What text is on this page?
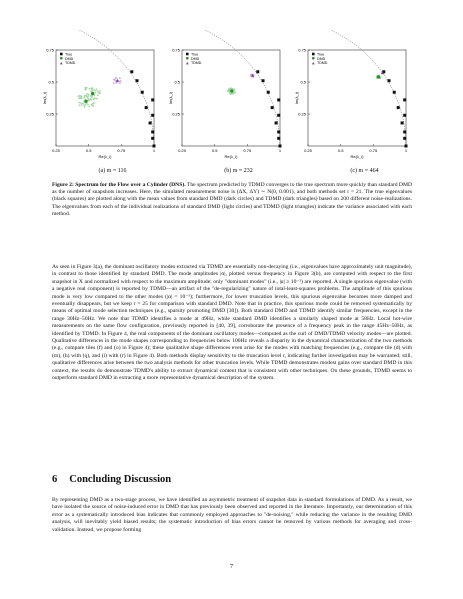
0.25	0.5	0.75	1
0.25
0.5
0.75
Re(λ_i)
Im(λ_i)
True
DMD
TDMD
0.25	0.5	0.75	1
0.25
0.5
0.75
Re(λ_i)
Im(λ_i)
True
DMD
TDMD
0.25	0.5	0.75	1
0.25
0.5
0.75
Re(λ_i)
Im(λ_i)
True
DMD
TDMD
(a) m = 116	(b) m = 232	(c) m = 464
Figure 2: Spectrum for the Flow over a Cylinder (DNS). The spectrum predicted by TDMD converges to the true spectrum more quickly than standard DMD as the number of snapshots increases. Here, the simulated measurement noise is (ΔX, ΔY) ∼ N(0, 0.001), and both methods set r = 21. The true eigenvalues (black squares) are plotted along with the mean values from standard DMD (dark circles) and TDMD (dark triangles) based on 200 different noise-realizations. The eigenvalues from each of the individual realizations of standard DMD (light circles) and TDMD (light triangles) indicate the variance associated with each method.

As seen in Figure 3(a), the dominant oscillatory modes extracted via TDMD are essentially non-decaying (i.e., eigenvalues have approximately unit magnitude), in contrast to those identified by standard DMD. The mode amplitudes |α|, plotted versus frequency in Figure 3(b), are computed with respect to the first snapshot in X and normalized with respect to the maximum amplitude; only "dominant modes" (i.e., |α| ≥ 10⁻²) are reported. A single spurious eigenvalue (with a negative real component) is reported by TDMD—an artifact of the "de-regularizing" nature of total-least-squares problems. The amplitude of this spurious mode is very low compared to the other modes (|α| = 10⁻⁵); furthermore, for lower truncation levels, this spurious eigenvalue becomes more damped and eventually disappears, but we keep r = 25 for comparison with standard DMD. Note that in practice, this spurious mode could be removed systematically by means of optimal mode selection techniques (e.g., sparsity promoting DMD [30]). Both standard DMD and TDMD identify similar frequencies, except in the range 30Hz–50Hz. We note that TDMD identifies a mode at 49Hz, while standard DMD identifies a similarly shaped mode at 58Hz. Local hot-wire measurements on the same flow configuration, previously reported in [40, 39], corroborate the presence of a frequency peak in the range 45Hz–50Hz, as identified by TDMD. In Figure 4, the real components of the dominant oscillatory modes—computed as the curl of DMD/TDMD velocity modes—are plotted. Qualitative differences in the mode shapes corresponding to frequencies below 100Hz reveals a disparity in the dynamical characterization of the two methods (e.g., compare tiles (f) and (o) in Figure 4); these qualitative shape differences even arise for the modes with matching frequencies (e.g., compare tile (d) with (m), (h) with (q), and (i) with (r) in Figure 4). Both methods display sensitivity to the truncation level r, indicating further investigation may be warranted; still, qualitative differences arise between the two analysis methods for other truncation levels. While TDMD demonstrates modest gains over standard DMD in this context, the results do demonstrate TDMD's ability to extract dynamical content that is consistent with other techniques. On these grounds, TDMD seems to outperform standard DMD in extracting a more representative dynamical description of the system.

6 Concluding Discussion

By representing DMD as a two-stage process, we have identified an asymmetric treatment of snapshot data in standard formulations of DMD. As a result, we have isolated the source of noise-induced error in DMD that has previously been observed and reported in the literature. Importantly, our determination of this error as a systematically introduced bias indicates that commonly employed approaches to "de-noising," while reducing the variance in the resulting DMD analysis, will inevitably yield biased results; the systematic introduction of bias errors cannot be removed by various methods for averaging and cross-validation. Instead, we propose forming

7
